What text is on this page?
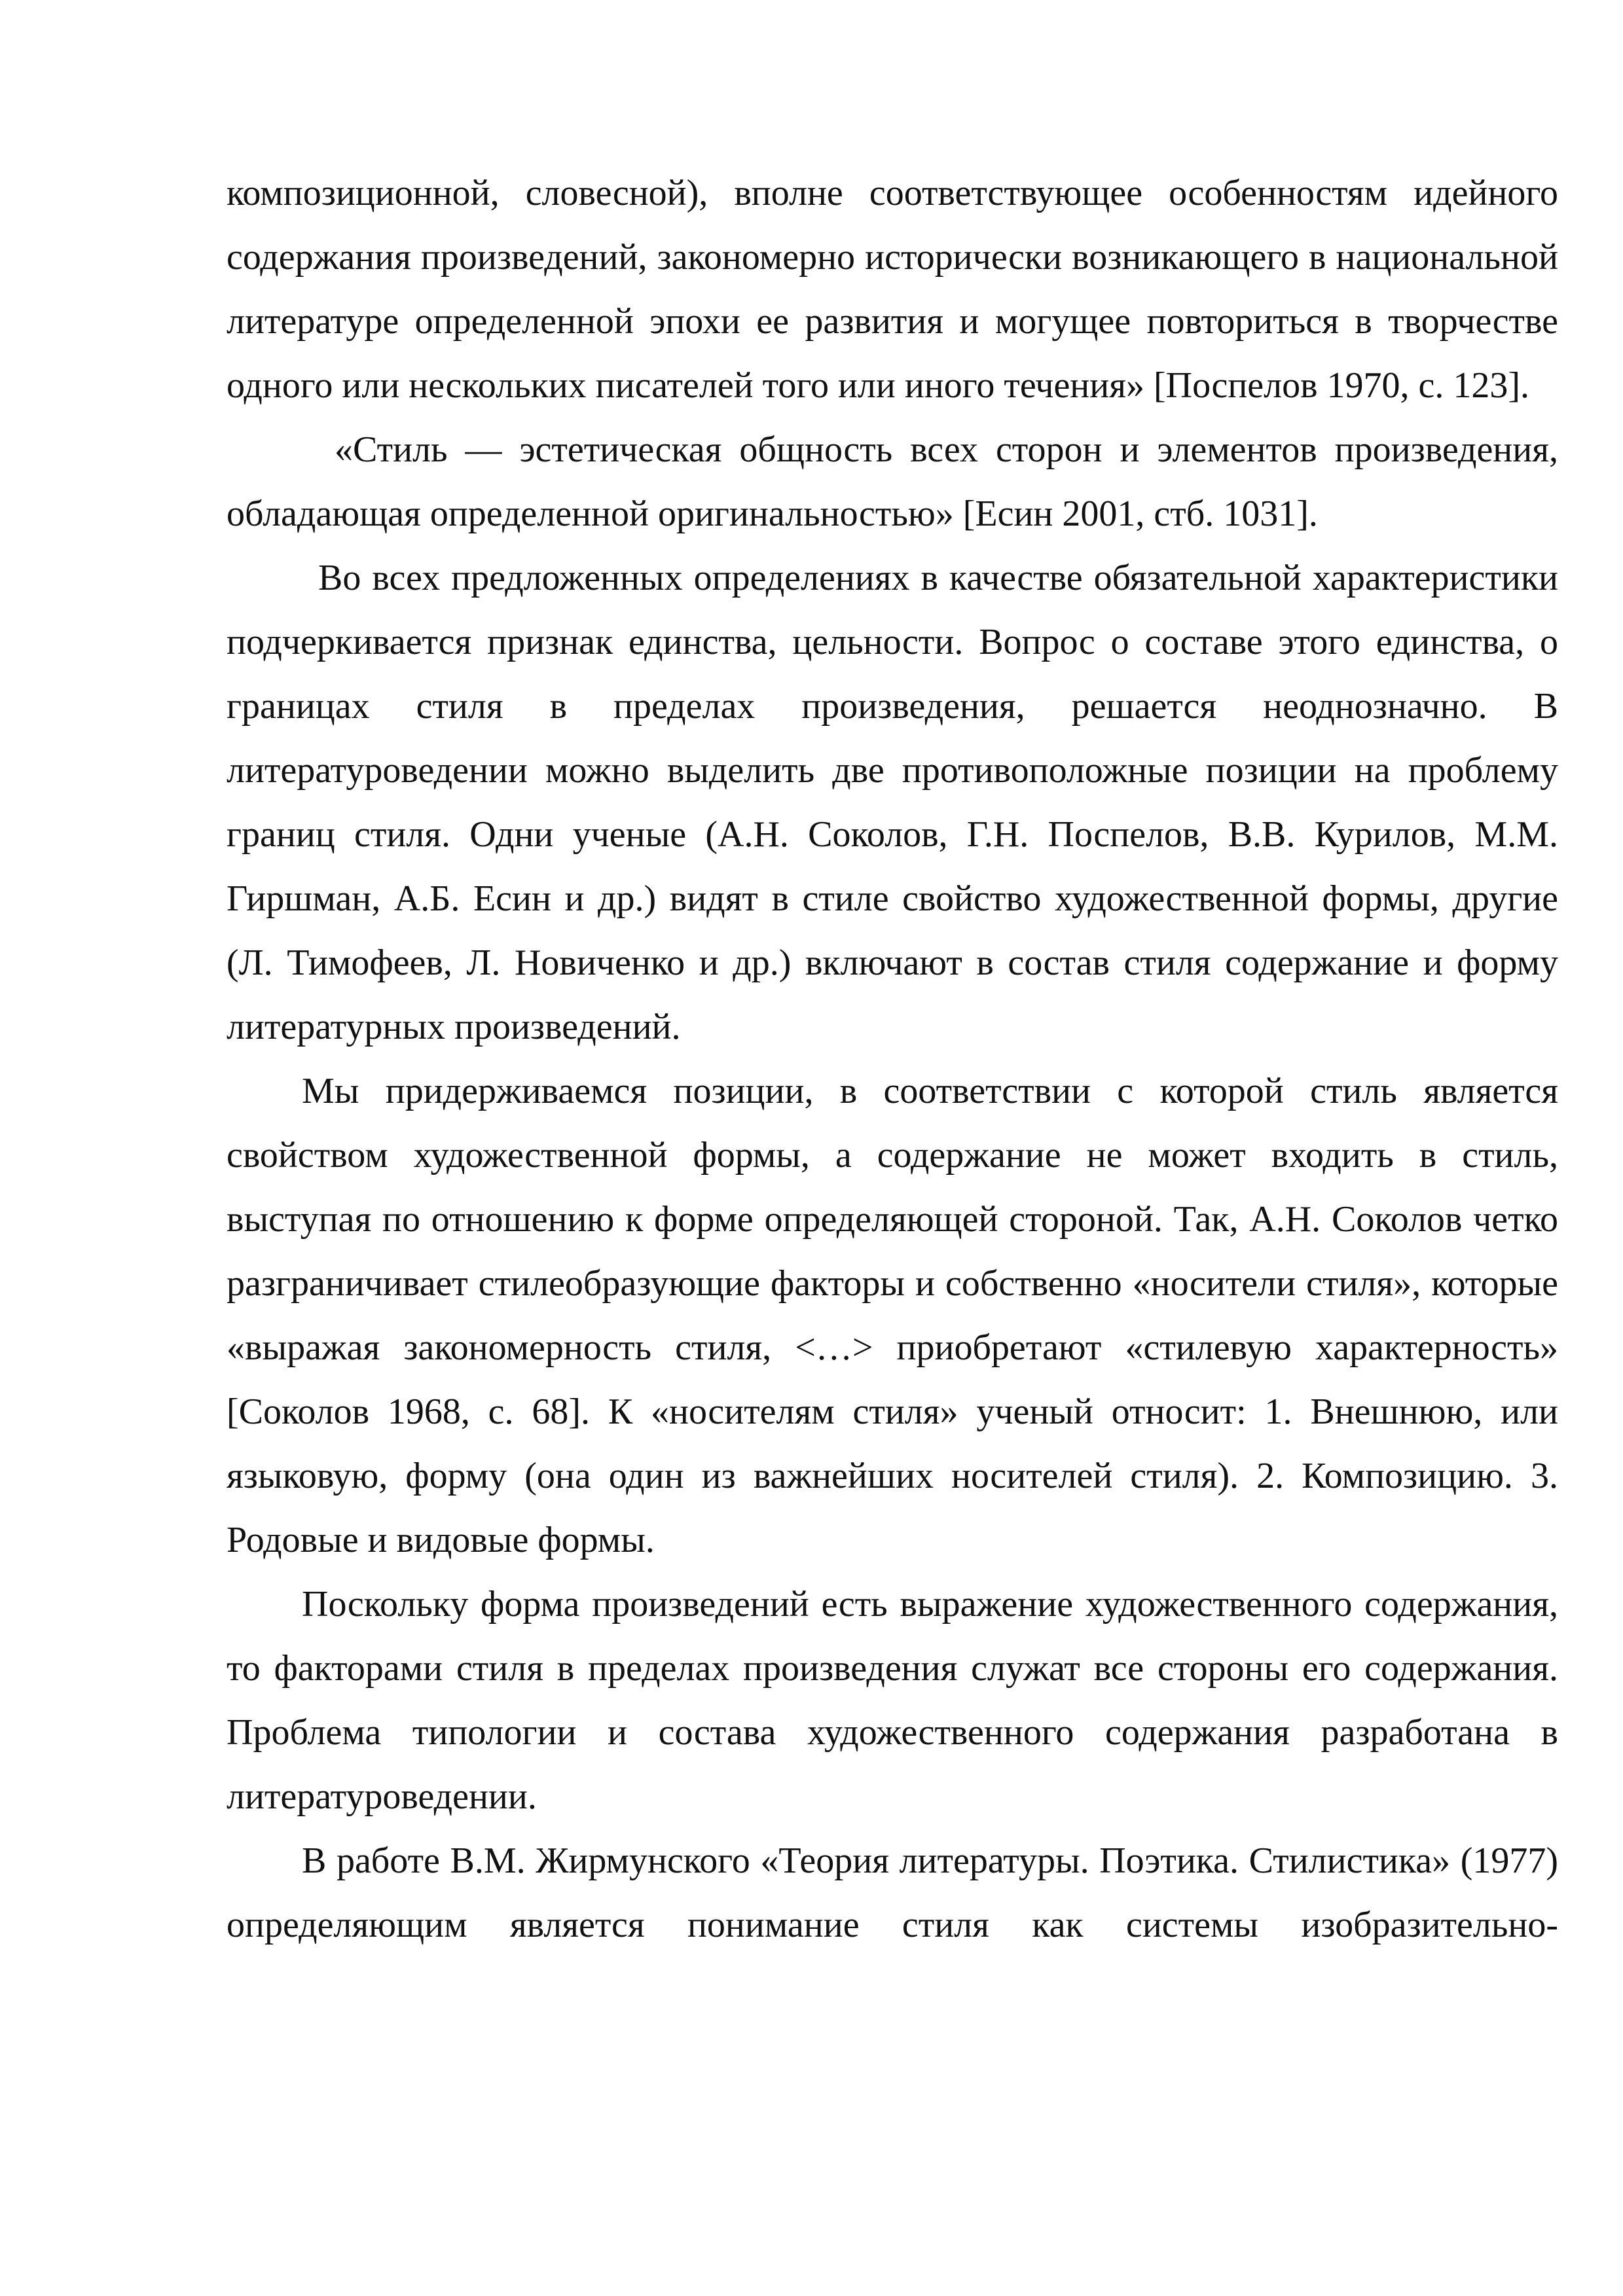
композиционной, словесной), вполне соответствующее особенностям идейного содержания произведений, закономерно исторически возникающего в национальной литературе определенной эпохи ее развития и могущее повториться в творчестве одного или нескольких писателей того или иного течения» [Поспелов 1970, с. 123].

«Стиль — эстетическая общность всех сторон и элементов произведения, обладающая определенной оригинальностью» [Есин 2001, стб. 1031].

Во всех предложенных определениях в качестве обязательной характеристики подчеркивается признак единства, цельности. Вопрос о составе этого единства, о границах стиля в пределах произведения, решается неоднозначно. В литературоведении можно выделить две противоположные позиции на проблему границ стиля. Одни ученые (А.Н. Соколов, Г.Н. Поспелов, В.В. Курилов, М.М. Гиршман, А.Б. Есин и др.) видят в стиле свойство художественной формы, другие (Л. Тимофеев, Л. Новиченко и др.) включают в состав стиля содержание и форму литературных произведений.

Мы придерживаемся позиции, в соответствии с которой стиль является свойством художественной формы, а содержание не может входить в стиль, выступая по отношению к форме определяющей стороной. Так, А.Н. Соколов четко разграничивает стилеобразующие факторы и собственно «носители стиля», которые «выражая закономерность стиля, <…> приобретают «стилевую характерность» [Соколов 1968, с. 68]. К «носителям стиля» ученый относит: 1. Внешнюю, или языковую, форму (она один из важнейших носителей стиля). 2. Композицию. 3. Родовые и видовые формы.

Поскольку форма произведений есть выражение художественного содержания, то факторами стиля в пределах произведения служат все стороны его содержания. Проблема типологии и состава художественного содержания разработана в литературоведении.

В работе В.М. Жирмунского «Теория литературы. Поэтика. Стилистика» (1977) определяющим является понимание стиля как системы изобразительно-
